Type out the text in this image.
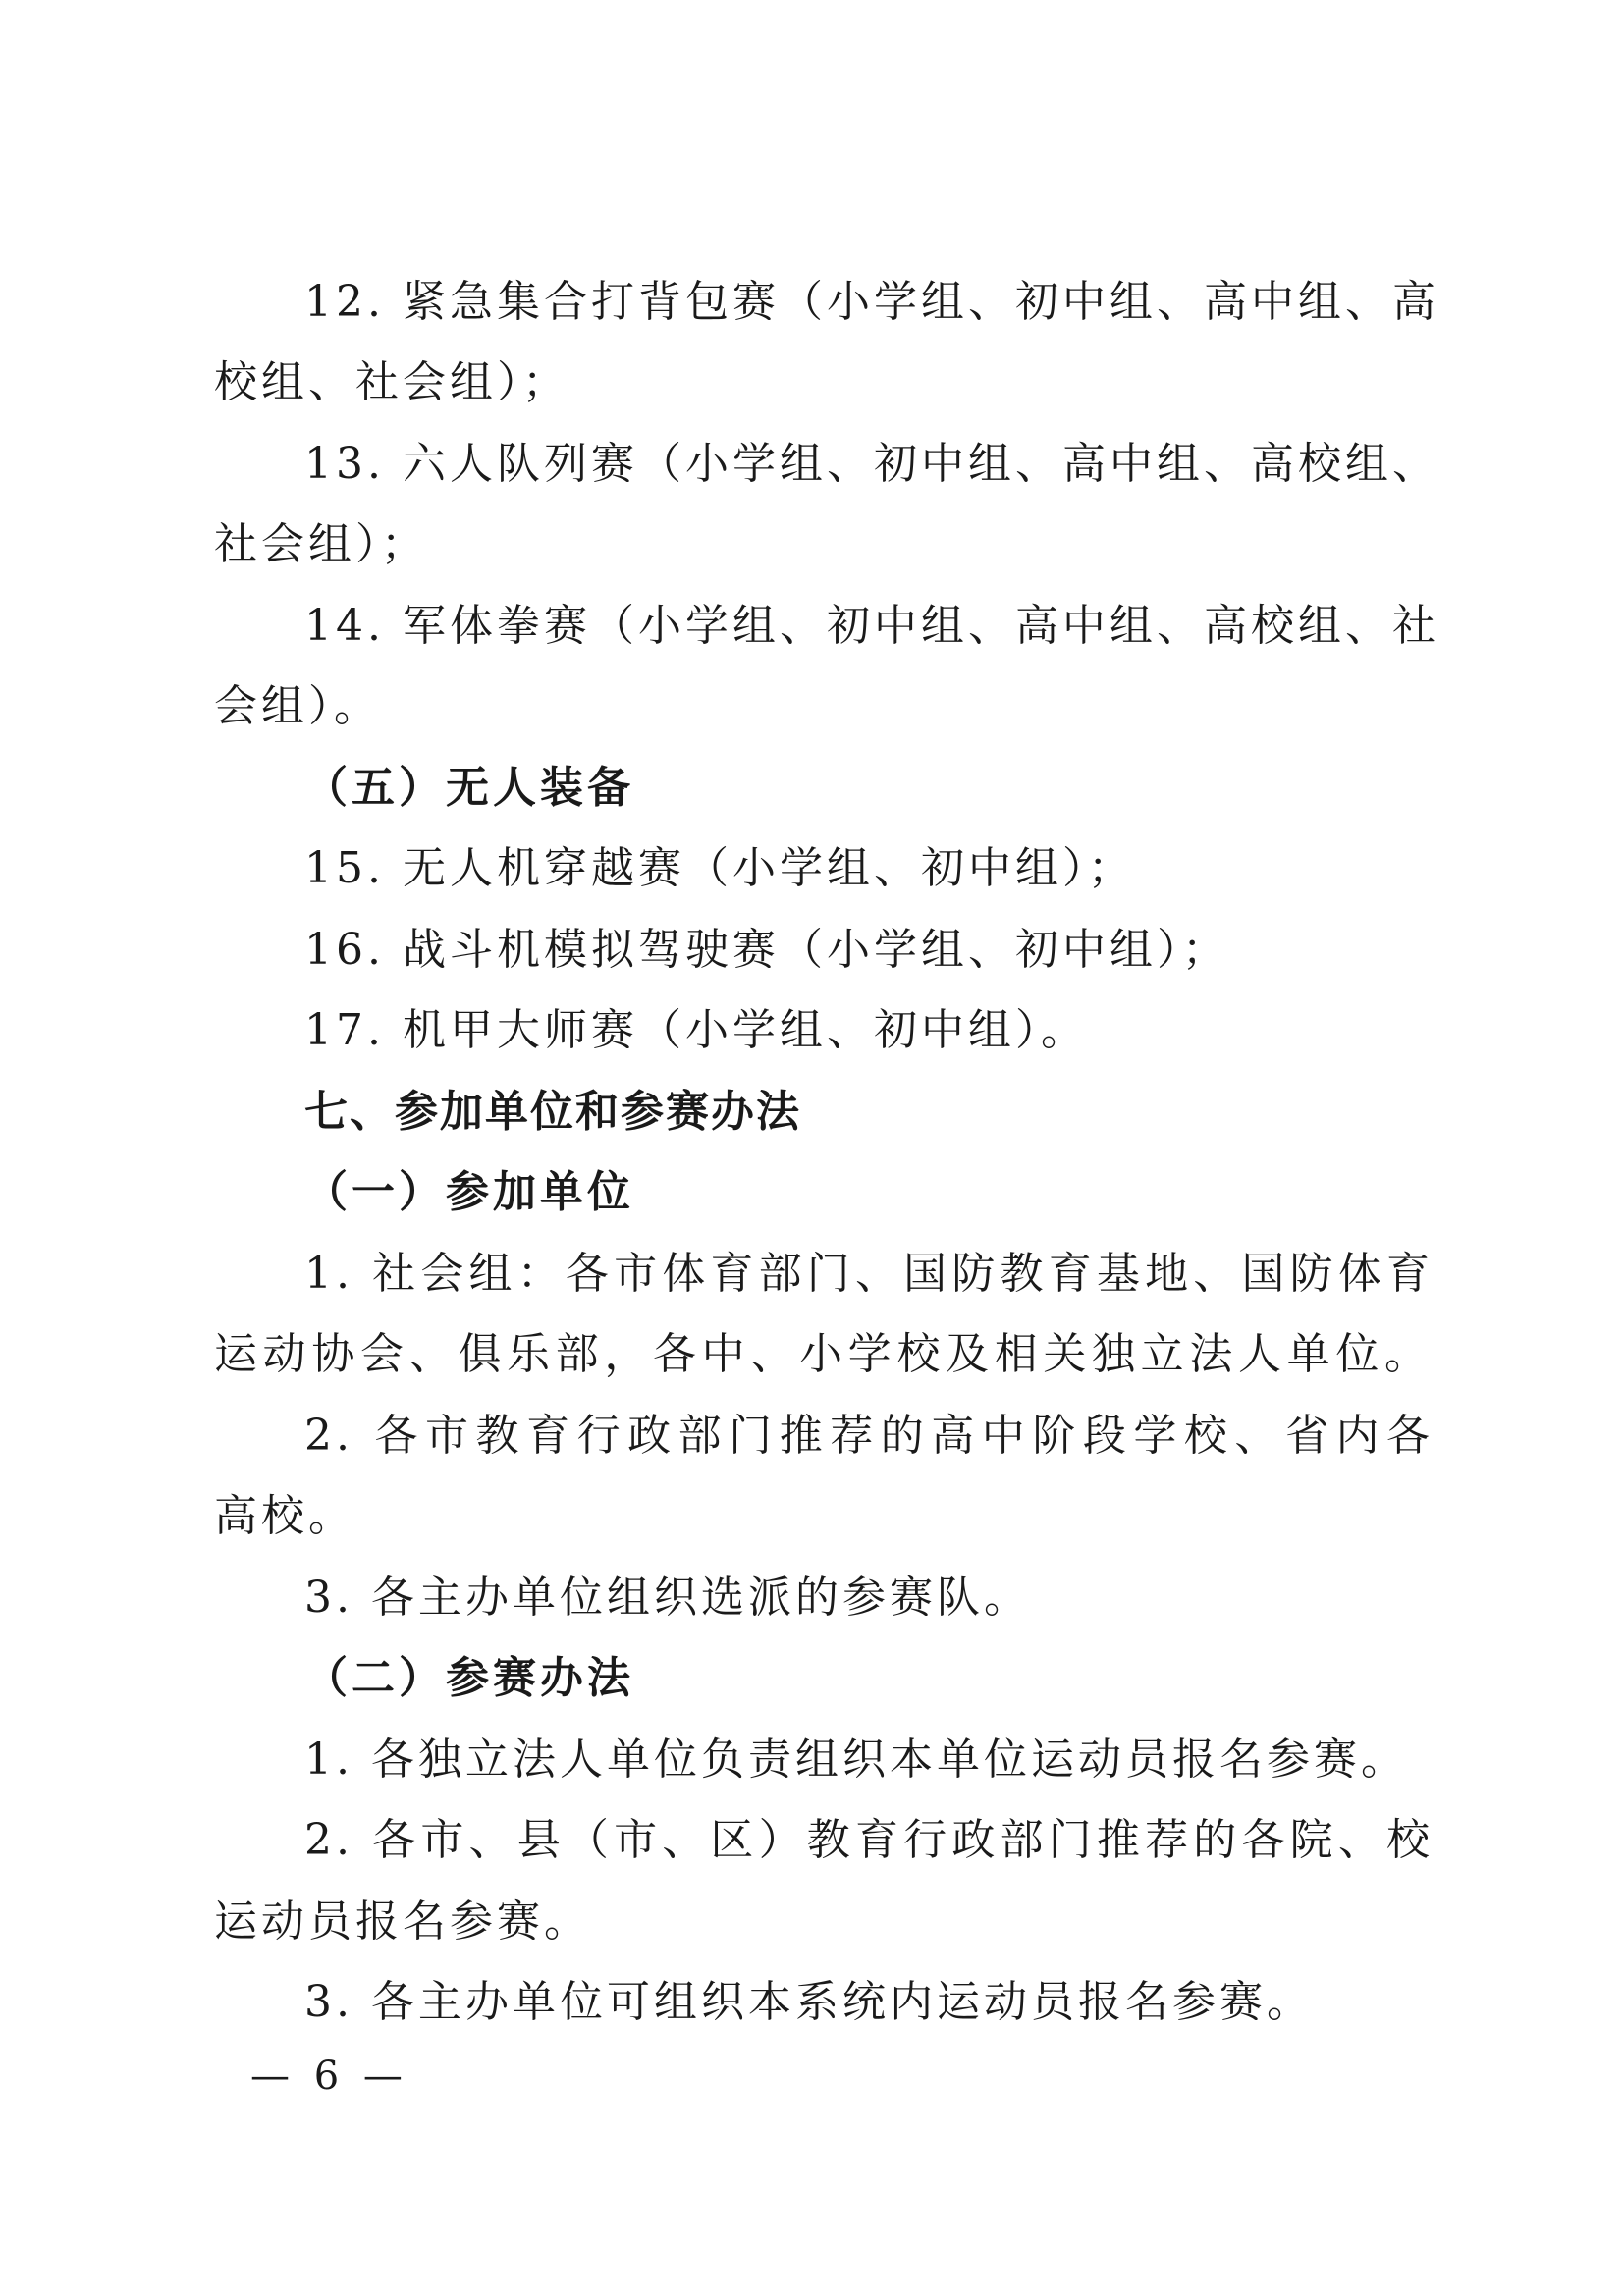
12. 紧急集合打背包赛（小学组、初中组、高中组、高
校组、社会组）；
13. 六人队列赛（小学组、初中组、高中组、高校组、
社会组）；
14. 军体拳赛（小学组、初中组、高中组、高校组、社
会组）。
（五）无人装备
15. 无人机穿越赛（小学组、初中组）；
16. 战斗机模拟驾驶赛（小学组、初中组）；
17. 机甲大师赛（小学组、初中组）。
七、参加单位和参赛办法
（一）参加单位
1. 社会组：各市体育部门、国防教育基地、国防体育
运动协会、俱乐部，各中、小学校及相关独立法人单位。
2. 各市教育行政部门推荐的高中阶段学校、省内各
高校。
3. 各主办单位组织选派的参赛队。
（二）参赛办法
1. 各独立法人单位负责组织本单位运动员报名参赛。
2. 各市、县（市、区）教育行政部门推荐的各院、校
运动员报名参赛。
3. 各主办单位可组织本系统内运动员报名参赛。
— 6 —
